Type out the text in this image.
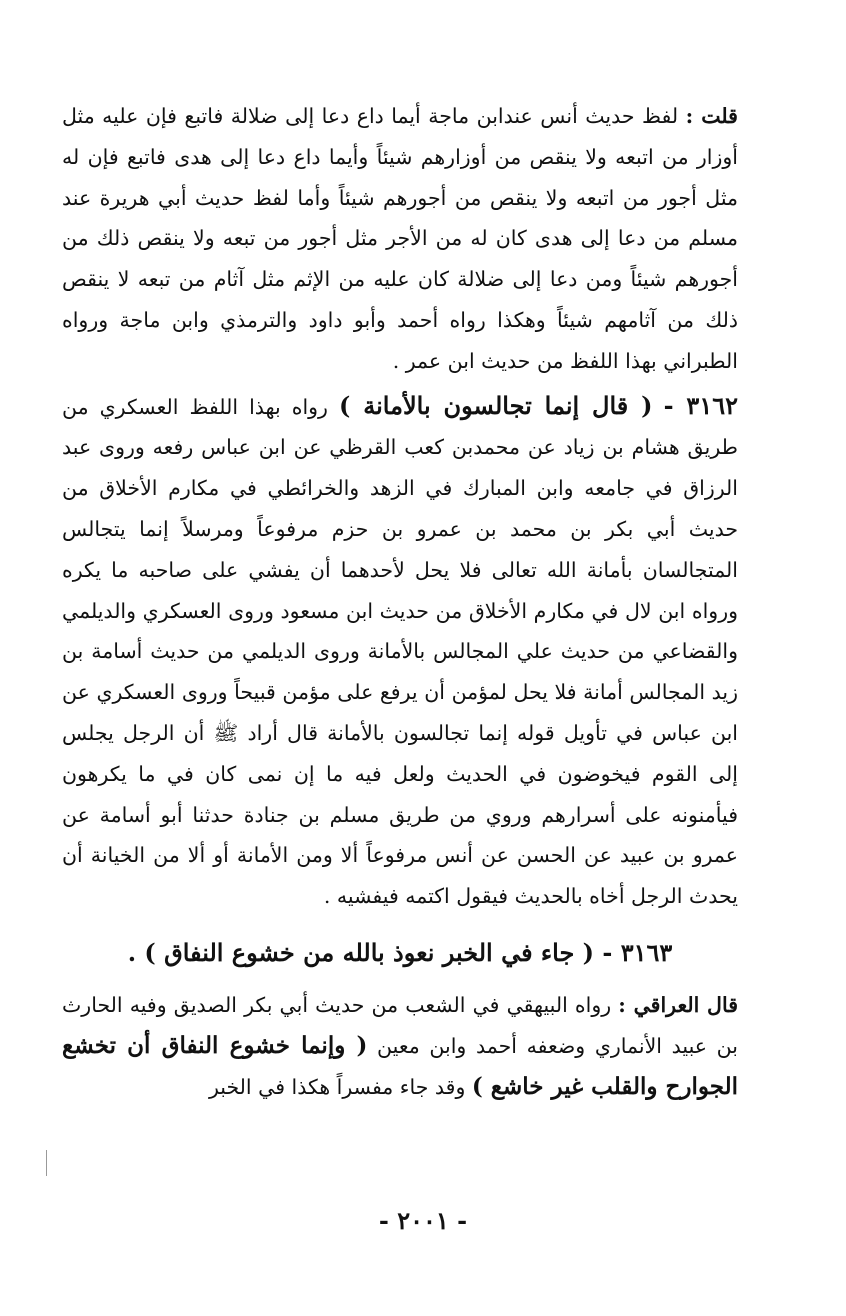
قلت : لفظ حديث أنس عندابن ماجة أيما داع دعا إلى ضلالة فاتبع فإن عليه مثل أوزار من اتبعه ولا ينقص من أوزارهم شيئاً وأيما داع دعا إلى هدى فاتبع فإن له مثل أجور من اتبعه ولا ينقص من أجورهم شيئاً وأما لفظ حديث أبي هريرة عند مسلم من دعا إلى هدى كان له من الأجر مثل أجور من تبعه ولا ينقص ذلك من أجورهم شيئاً ومن دعا إلى ضلالة كان عليه من الإثم مثل آثام من تبعه لا ينقص ذلك من آثامهم شيئاً وهكذا رواه أحمد وأبو داود والترمذي وابن ماجة ورواه الطبراني بهذا اللفظ من حديث ابن عمر .

٣١٦٢ - ( قال إنما تجالسون بالأمانة ) رواه بهذا اللفظ العسكري من طريق هشام بن زياد عن محمدبن كعب القرظي عن ابن عباس رفعه وروى عبد الرزاق في جامعه وابن المبارك في الزهد والخرائطي في مكارم الأخلاق من حديث أبي بكر بن محمد بن عمرو بن حزم مرفوعاً ومرسلاً إنما يتجالس المتجالسان بأمانة الله تعالى فلا يحل لأحدهما أن يفشي على صاحبه ما يكره ورواه ابن لال في مكارم الأخلاق من حديث ابن مسعود وروى العسكري والديلمي والقضاعي من حديث علي المجالس بالأمانة وروى الديلمي من حديث أسامة بن زيد المجالس أمانة فلا يحل لمؤمن أن يرفع على مؤمن قبيحاً وروى العسكري عن ابن عباس في تأويل قوله إنما تجالسون بالأمانة قال أراد ﷺ أن الرجل يجلس إلى القوم فيخوضون في الحديث ولعل فيه ما إن نمى كان في ما يكرهون فيأمنونه على أسرارهم وروي من طريق مسلم بن جنادة حدثنا أبو أسامة عن عمرو بن عبيد عن الحسن عن أنس مرفوعاً ألا ومن الأمانة أو ألا من الخيانة أن يحدث الرجل أخاه بالحديث فيقول اكتمه فيفشيه .

٣١٦٣ - ( جاء في الخبر نعوذ بالله من خشوع النفاق ) .

قال العراقي : رواه البيهقي في الشعب من حديث أبي بكر الصديق وفيه الحارث بن عبيد الأنماري وضعفه أحمد وابن معين ( وإنما خشوع النفاق أن تخشع الجوارح والقلب غير خاشع ) وقد جاء مفسراً هكذا في الخبر

- ٢٠٠١ -
